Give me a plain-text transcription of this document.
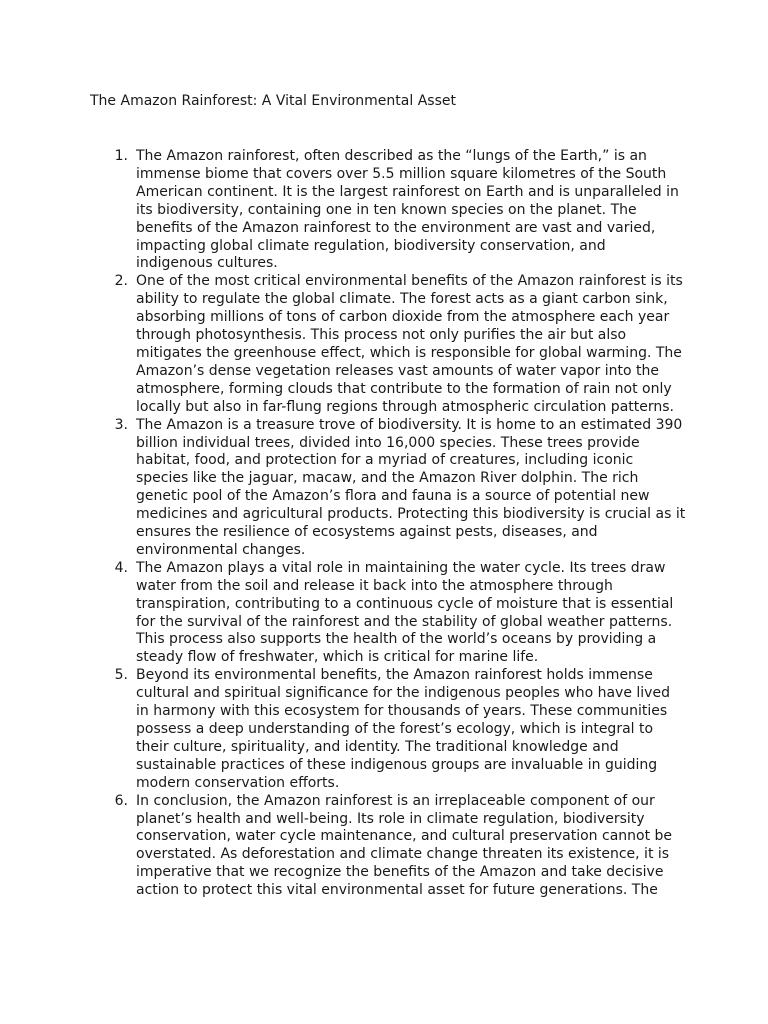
The Amazon Rainforest: A Vital Environmental Asset
1. The Amazon rainforest, often described as the “lungs of the Earth,” is an
immense biome that covers over 5.5 million square kilometres of the South
American continent. It is the largest rainforest on Earth and is unparalleled in
its biodiversity, containing one in ten known species on the planet. The
benefits of the Amazon rainforest to the environment are vast and varied,
impacting global climate regulation, biodiversity conservation, and
indigenous cultures.

2. One of the most critical environmental benefits of the Amazon rainforest is its
ability to regulate the global climate. The forest acts as a giant carbon sink,
absorbing millions of tons of carbon dioxide from the atmosphere each year
through photosynthesis. This process not only purifies the air but also
mitigates the greenhouse effect, which is responsible for global warming. The
Amazon’s dense vegetation releases vast amounts of water vapor into the
atmosphere, forming clouds that contribute to the formation of rain not only
locally but also in far-flung regions through atmospheric circulation patterns.

3. The Amazon is a treasure trove of biodiversity. It is home to an estimated 390
billion individual trees, divided into 16,000 species. These trees provide
habitat, food, and protection for a myriad of creatures, including iconic
species like the jaguar, macaw, and the Amazon River dolphin. The rich
genetic pool of the Amazon’s flora and fauna is a source of potential new
medicines and agricultural products. Protecting this biodiversity is crucial as it
ensures the resilience of ecosystems against pests, diseases, and
environmental changes.

4. The Amazon plays a vital role in maintaining the water cycle. Its trees draw
water from the soil and release it back into the atmosphere through
transpiration, contributing to a continuous cycle of moisture that is essential
for the survival of the rainforest and the stability of global weather patterns.
This process also supports the health of the world’s oceans by providing a
steady flow of freshwater, which is critical for marine life.

5. Beyond its environmental benefits, the Amazon rainforest holds immense
cultural and spiritual significance for the indigenous peoples who have lived
in harmony with this ecosystem for thousands of years. These communities
possess a deep understanding of the forest’s ecology, which is integral to
their culture, spirituality, and identity. The traditional knowledge and
sustainable practices of these indigenous groups are invaluable in guiding
modern conservation efforts.

6. In conclusion, the Amazon rainforest is an irreplaceable component of our
planet’s health and well-being. Its role in climate regulation, biodiversity
conservation, water cycle maintenance, and cultural preservation cannot be
overstated. As deforestation and climate change threaten its existence, it is
imperative that we recognize the benefits of the Amazon and take decisive
action to protect this vital environmental asset for future generations. The
